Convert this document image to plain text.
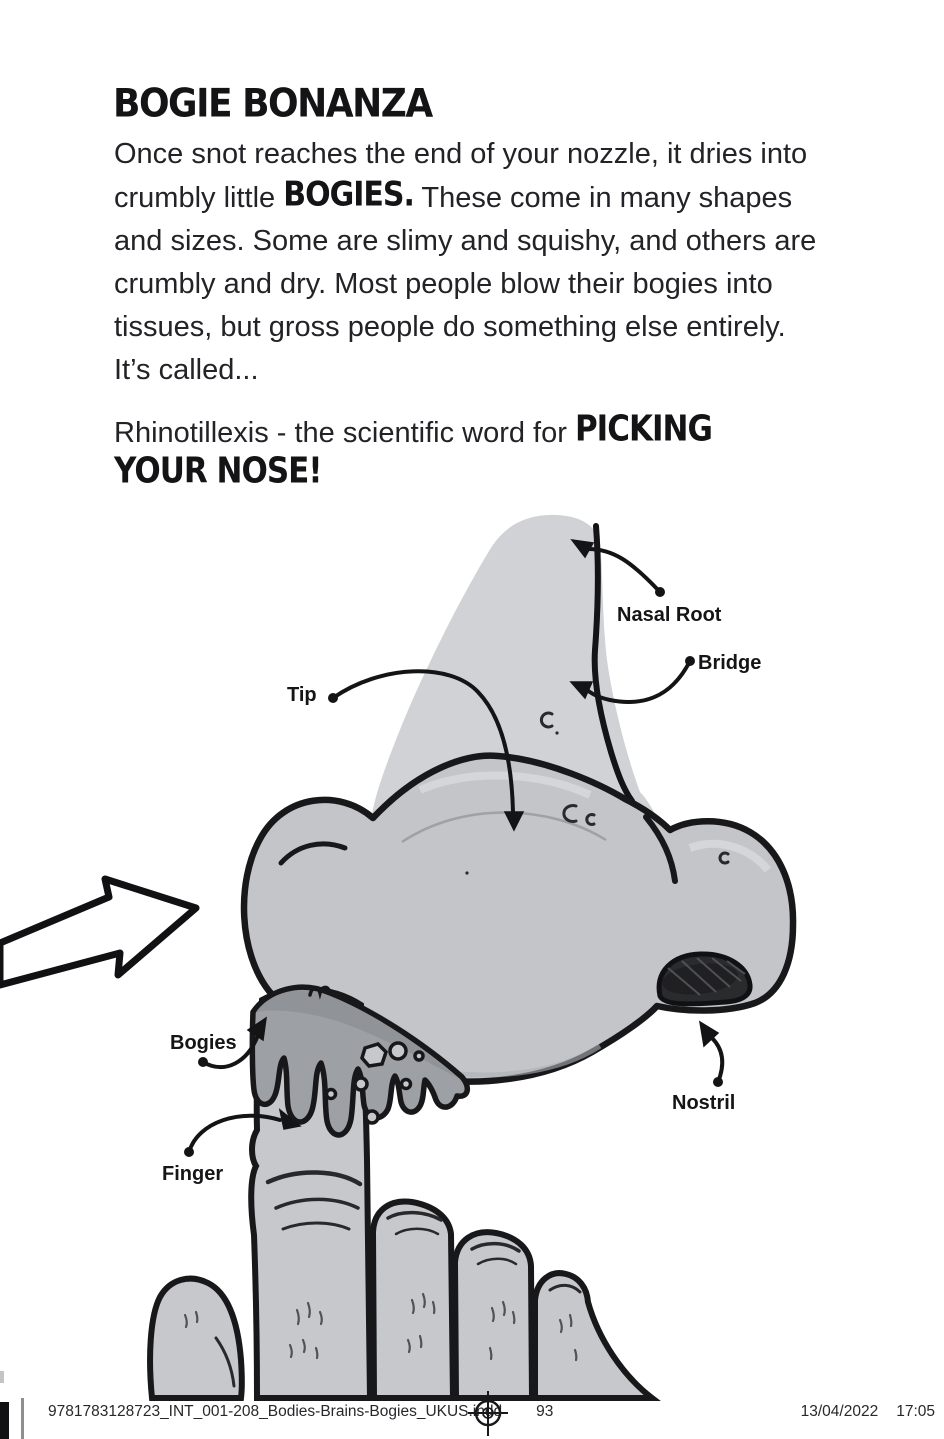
BOGIE BONANZA
Once snot reaches the end of your nozzle, it dries into
crumbly little BOGIES. These come in many shapes
and sizes. Some are slimy and squishy, and others are
crumbly and dry. Most people blow their bogies into
tissues, but gross people do something else entirely.
It’s called...
Rhinotillexis - the scientific word for PICKING
YOUR NOSE!
Nasal Root
Bridge
Tip
Bogies
Finger
Nostril
9781783128723_INT_001-208_Bodies-Brains-Bogies_UKUS.indd 93	13/04/2022 17:05
